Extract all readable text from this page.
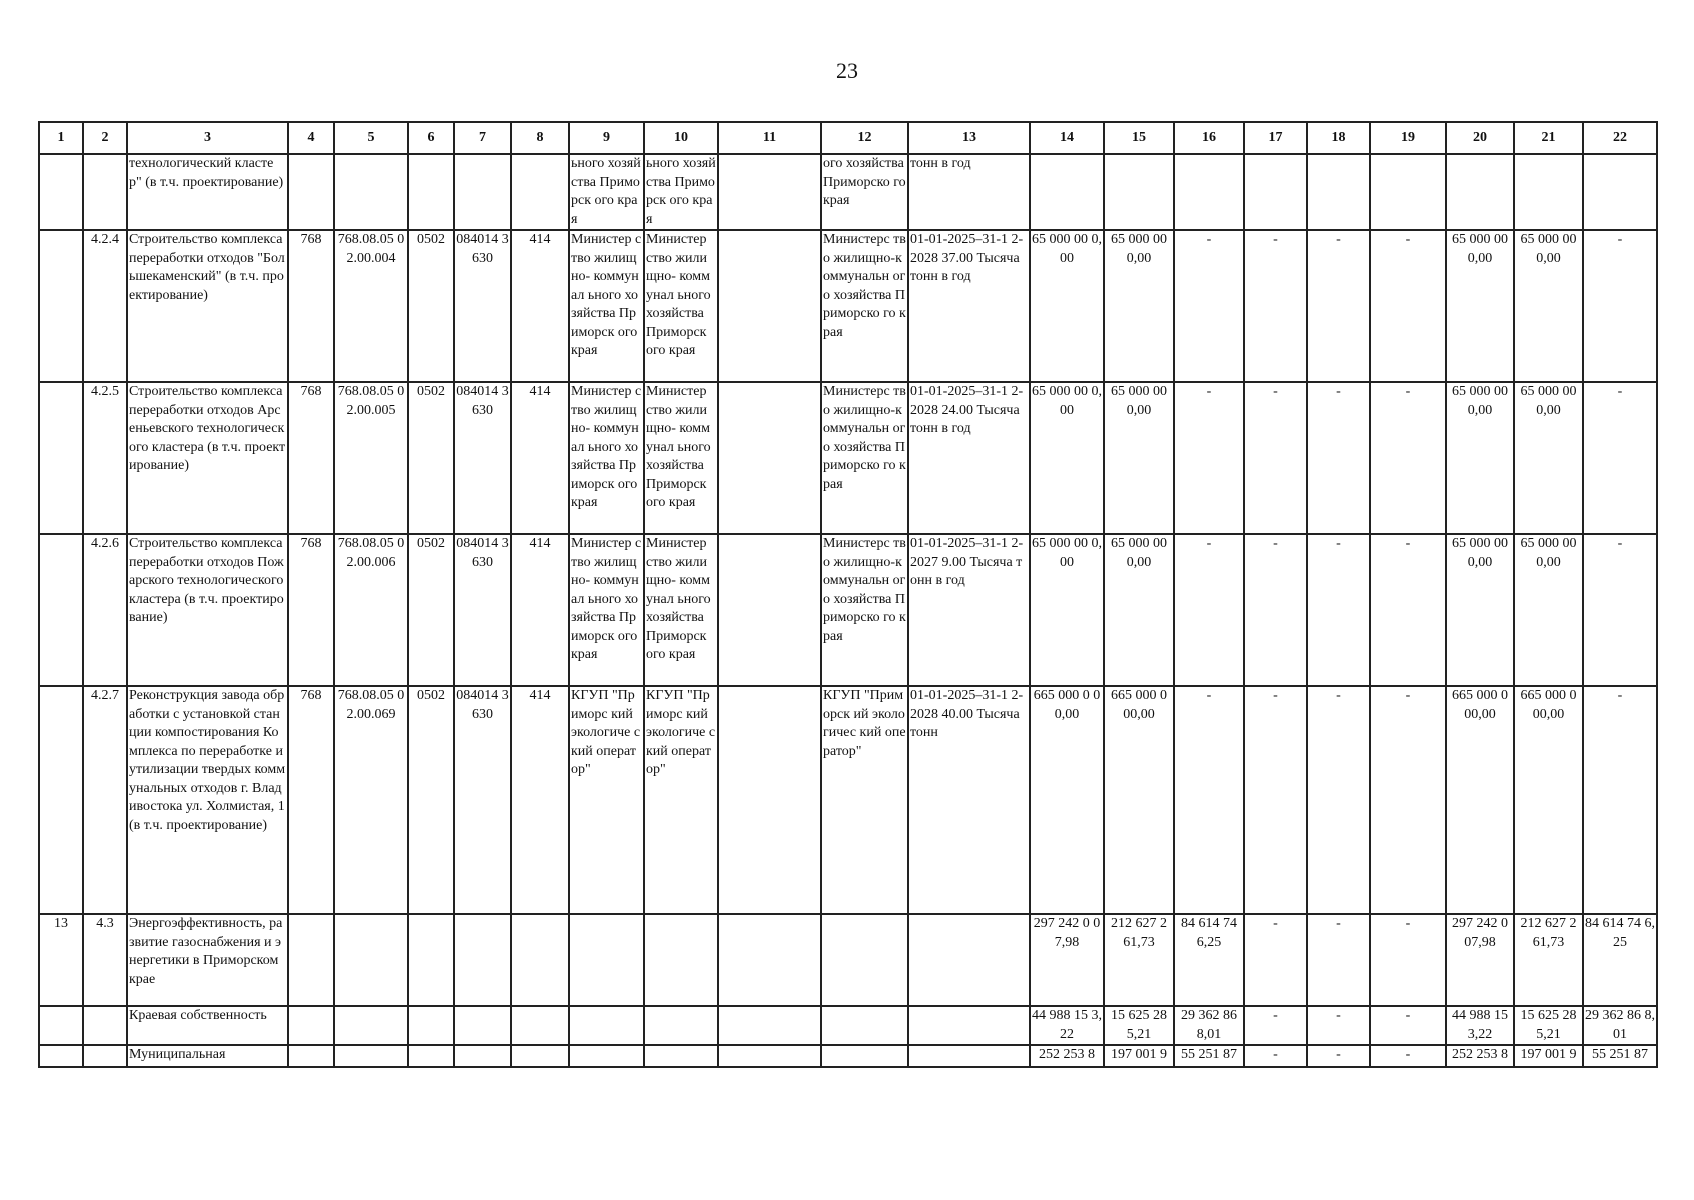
23
1	2	3	4	5	6	7	8	9	10	11	12	13	14	15	16	17	18	19	20	21	22
		технологический кластер" (в т.ч. проектирование)						ьного хозяйства Приморск ого края	ьного хозяйства Приморск ого края		ого хозяйства Приморско го края	тонн в год									
	4.2.4	Строительство комплекса переработки отходов "Большекаменский" (в т.ч. проектирование)	768	768.08.05 02.00.004	0502	084014 3630	414	Министер ство жилищно- коммунал ьного хозяйства Приморск ого края	Министер ство жилищно- коммунал ьного хозяйства Приморск ого края		Министерс тво жилищно-к оммунальн ого хозяйства Приморско го края	01-01-2025–31-1 2-2028 37.00 Тысяча тонн в год	65 000 00 0,00	65 000 00 0,00	-	-	-	-	65 000 00 0,00	65 000 00 0,00	-
	4.2.5	Строительство комплекса переработки отходов Арсеньевского технологического кластера (в т.ч. проектирование)	768	768.08.05 02.00.005	0502	084014 3630	414	Министер ство жилищно- коммунал ьного хозяйства Приморск ого края	Министер ство жилищно- коммунал ьного хозяйства Приморск ого края		Министерс тво жилищно-к оммунальн ого хозяйства Приморско го края	01-01-2025–31-1 2-2028 24.00 Тысяча тонн в год	65 000 00 0,00	65 000 00 0,00	-	-	-	-	65 000 00 0,00	65 000 00 0,00	-
	4.2.6	Строительство комплекса переработки отходов Пожарского технологического кластера (в т.ч. проектирование)	768	768.08.05 02.00.006	0502	084014 3630	414	Министер ство жилищно- коммунал ьного хозяйства Приморск ого края	Министер ство жилищно- коммунал ьного хозяйства Приморск ого края		Министерс тво жилищно-к оммунальн ого хозяйства Приморско го края	01-01-2025–31-1 2-2027 9.00 Тысяча тонн в год	65 000 00 0,00	65 000 00 0,00	-	-	-	-	65 000 00 0,00	65 000 00 0,00	-
	4.2.7	Реконструкция завода обработки с установкой станции компостирования Комплекса по переработке и утилизации твердых коммунальных отходов г. Владивостока ул. Холмистая, 1 (в т.ч. проектирование)	768	768.08.05 02.00.069	0502	084014 3630	414	КГУП "Приморс кий экологиче ский оператор"	КГУП "Приморс кий экологиче ский оператор"		КГУП "Приморск ий экологичес кий оператор"	01-01-2025–31-1 2-2028 40.00 Тысяча тонн	665 000 0 00,00	665 000 0 00,00	-	-	-	-	665 000 0 00,00	665 000 0 00,00	-
13	4.3	Энергоэффективность, развитие газоснабжения и энергетики в Приморском крае											297 242 0 07,98	212 627 2 61,73	84 614 74 6,25	-	-	-	297 242 0 07,98	212 627 2 61,73	84 614 74 6,25
		Краевая собственность											44 988 15 3,22	15 625 28 5,21	29 362 86 8,01	-	-	-	44 988 15 3,22	15 625 28 5,21	29 362 86 8,01
		Муниципальная											252 253 8	197 001 9	55 251 87	-	-	-	252 253 8	197 001 9	55 251 87
